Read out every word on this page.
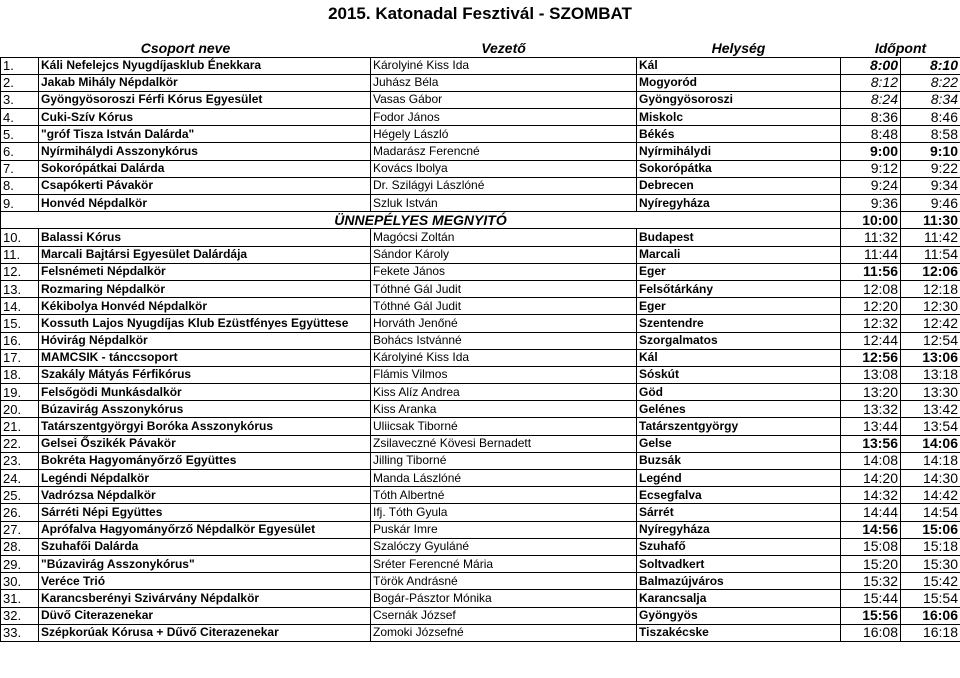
2015. Katonadal Fesztivál - SZOMBAT
Csoport neve		Vezető	Helység	Időpont	
1.	Káli Nefelejcs Nyugdíjasklub Énekkara	Károlyiné Kiss Ida	Kál	8:00	8:10
2.	Jakab Mihály Népdalkör	Juhász Béla	Mogyoród	8:12	8:22
3.	Gyöngyösoroszi Férfi Kórus Egyesület	Vasas Gábor	Gyöngyösoroszi	8:24	8:34
4.	Cuki-Szív Kórus	Fodor János	Miskolc	8:36	8:46
5.	"gróf Tisza István Dalárda"	Hégely László	Békés	8:48	8:58
6.	Nyírmihálydi Asszonykórus	Madarász Ferencné	Nyírmihálydi	9:00	9:10
7.	Sokorópátkai Dalárda	Kovács Ibolya	Sokorópátka	9:12	9:22
8.	Csapókerti Pávakör	Dr. Szilágyi Lászlóné	Debrecen	9:24	9:34
9.	Honvéd Népdalkör	Szluk István	Nyíregyháza	9:36	9:46
ÜNNEPÉLYES MEGNYITÓ				10:00	11:30
10.	Balassi Kórus	Magócsi Zoltán	Budapest	11:32	11:42
11.	Marcali Bajtársi Egyesület Dalárdája	Sándor Károly	Marcali	11:44	11:54
12.	Felsnémeti Népdalkör	Fekete János	Eger	11:56	12:06
13.	Rozmaring Népdalkör	Tóthné Gál Judit	Felsőtárkány	12:08	12:18
14.	Kékibolya Honvéd Népdalkör	Tóthné Gál Judit	Eger	12:20	12:30
15.	Kossuth Lajos Nyugdíjas Klub Ezüstfényes Együttese	Horváth Jenőné	Szentendre	12:32	12:42
16.	Hóvirág Népdalkör	Bohács Istvánné	Szorgalmatos	12:44	12:54
17.	MAMCSIK - tánccsoport	Károlyiné Kiss Ida	Kál	12:56	13:06
18.	Szakály Mátyás Férfikórus	Flámis Vilmos	Sóskút	13:08	13:18
19.	Felsőgödi Munkásdalkör	Kiss Alíz Andrea	Göd	13:20	13:30
20.	Búzavirág Asszonykórus	Kiss Aranka	Gelénes	13:32	13:42
21.	Tatárszentgyörgyi Boróka Asszonykórus	Uliicsak Tiborné	Tatárszentgyörgy	13:44	13:54
22.	Gelsei Őszikék Pávakör	Zsilaveczné Kövesi Bernadett	Gelse	13:56	14:06
23.	Bokréta Hagyományőrző Együttes	Jilling Tiborné	Buzsák	14:08	14:18
24.	Legéndi Népdalkör	Manda Lászlóné	Legénd	14:20	14:30
25.	Vadrózsa Népdalkör	Tóth Albertné	Ecsegfalva	14:32	14:42
26.	Sárréti Népi Együttes	Ifj. Tóth Gyula	Sárrét	14:44	14:54
27.	Aprófalva Hagyományőrző Népdalkör Egyesület	Puskár Imre	Nyíregyháza	14:56	15:06
28.	Szuhafői Dalárda	Szalóczy Gyuláné	Szuhafő	15:08	15:18
29.	"Búzavirág Asszonykórus"	Sréter Ferencné Mária	Soltvadkert	15:20	15:30
30.	Veréce Trió	Török Andrásné	Balmazújváros	15:32	15:42
31.	Karancsberényi Szivárvány Népdalkör	Bogár-Pásztor Mónika	Karancsalja	15:44	15:54
32.	Düvő Citerazenekar	Csernák József	Gyöngyös	15:56	16:06
33.	Szépkorúak Kórusa + Dűvő Citerazenekar	Zomoki Józsefné	Tiszakécske	16:08	16:18
